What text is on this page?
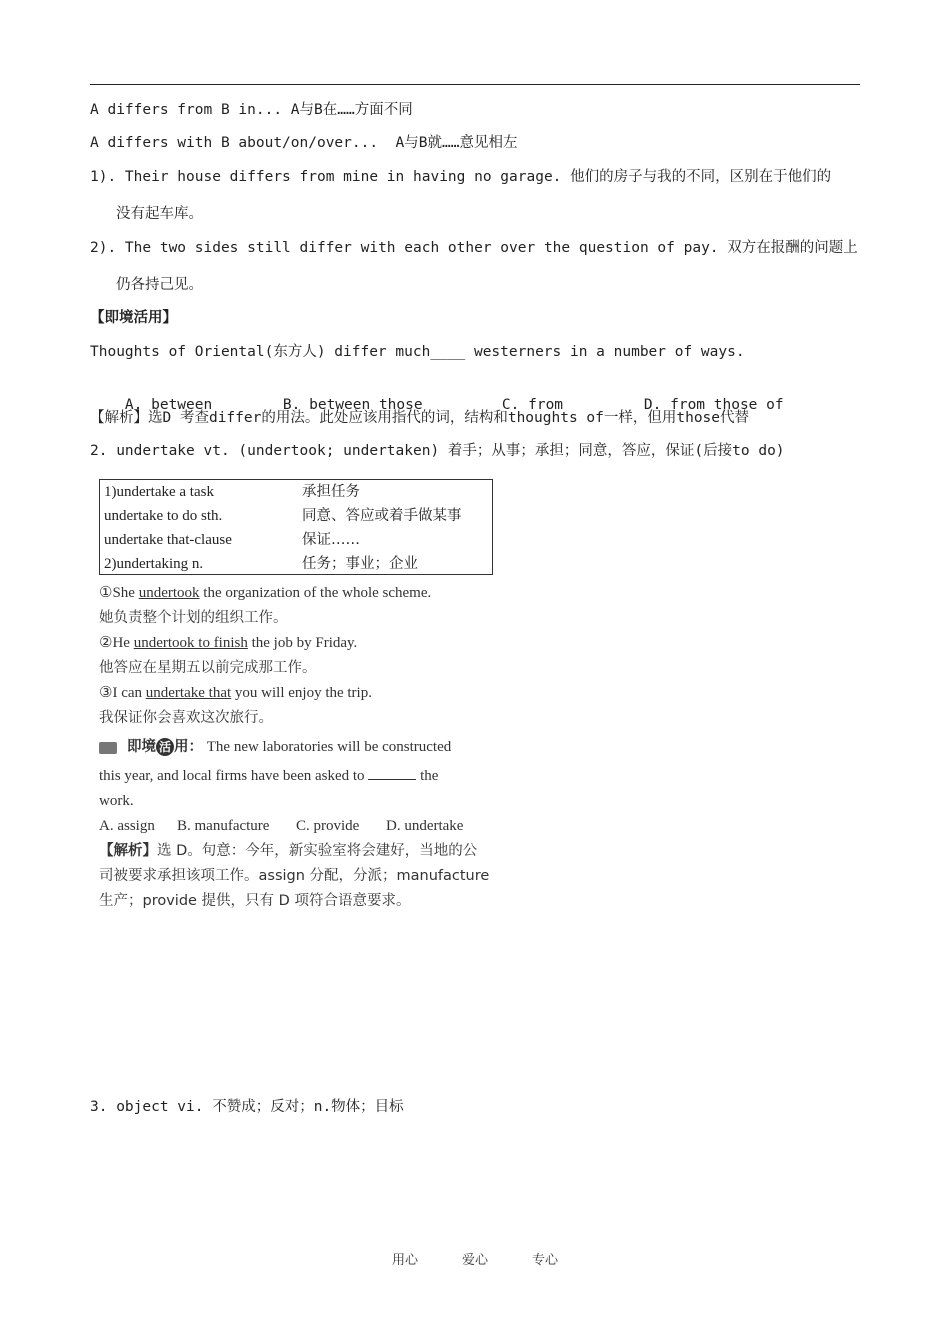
A differs from B in... A与B在……方面不同
A differs with B about/on/over...  A与B就……意见相左
1). Their house differs from mine in having no garage. 他们的房子与我的不同，区别在于他们的
没有起车库。
2). The two sides still differ with each other over the question of pay. 双方在报酬的问题上
仍各持己见。
【即境活用】
Thoughts of Oriental(东方人) differ much____ westerners in a number of ways.

A. between	B. between those	C. from	D. from those of

【解析】选D 考查differ的用法。此处应该用指代的词，结构和thoughts of一样，但用those代替
2. undertake vt. (undertook; undertaken) 着手；从事；承担；同意，答应，保证(后接to do)
1)undertake a task	承担任务
undertake to do sth.	同意、答应或着手做某事
undertake that-clause	保证……
2)undertaking n.	任务；事业；企业
①She undertook the organization of the whole scheme.
她负责整个计划的组织工作。
②He undertook to finish the job by Friday.
他答应在星期五以前完成那工作。
③I can undertake that you will enjoy the trip.
我保证你会喜欢这次旅行。
即境 活 用： The new laboratories will be constructed
this year, and local firms have been asked to	the
work.
A. assign B. manufacture C. provide D. undertake
【解析】选 D。句意：今年，新实验室将会建好，当地的公
司被要求承担该项工作。assign 分配，分派；manufacture
生产；provide 提供，只有 D 项符合语意要求。
3. object vi. 不赞成；反对；n.物体；目标
用心	爱心	专心
